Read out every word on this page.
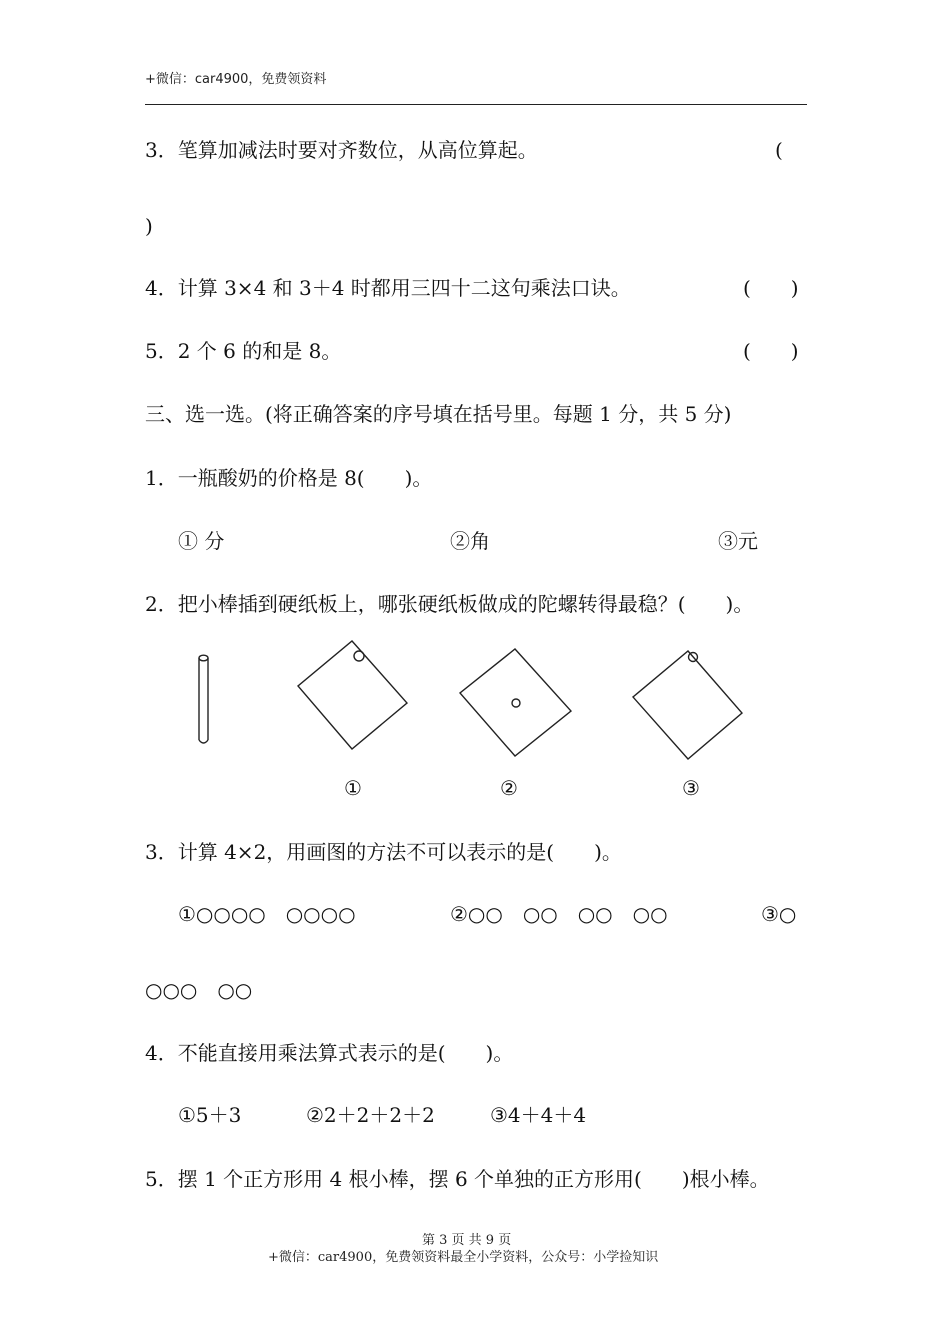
+微信：car4900，免费领资料
3．笔算加减法时要对齐数位，从高位算起。	(
)
4．计算 3×4 和 3＋4 时都用三四十二这句乘法口诀。	(　　)
5．2 个 6 的和是 8。	(　　)
三、选一选。(将正确答案的序号填在括号里。每题 1 分，共 5 分)
1．一瓶酸奶的价格是 8(　　)。
① 分	②角	③元
2．把小棒插到硬纸板上，哪张硬纸板做成的陀螺转得最稳？(　　)。
①	②	③
3．计算 4×2，用画图的方法不可以表示的是(　　)。
①○○○○　○○○○	②○○　○○　○○　○○	③○
○○○　○○
4．不能直接用乘法算式表示的是(　　)。
①5＋3	②2＋2＋2＋2	③4＋4＋4
5．摆 1 个正方形用 4 根小棒，摆 6 个单独的正方形用(　　)根小棒。
第 3 页 共 9 页
+微信：car4900，免费领资料最全小学资料，公众号：小学捡知识
